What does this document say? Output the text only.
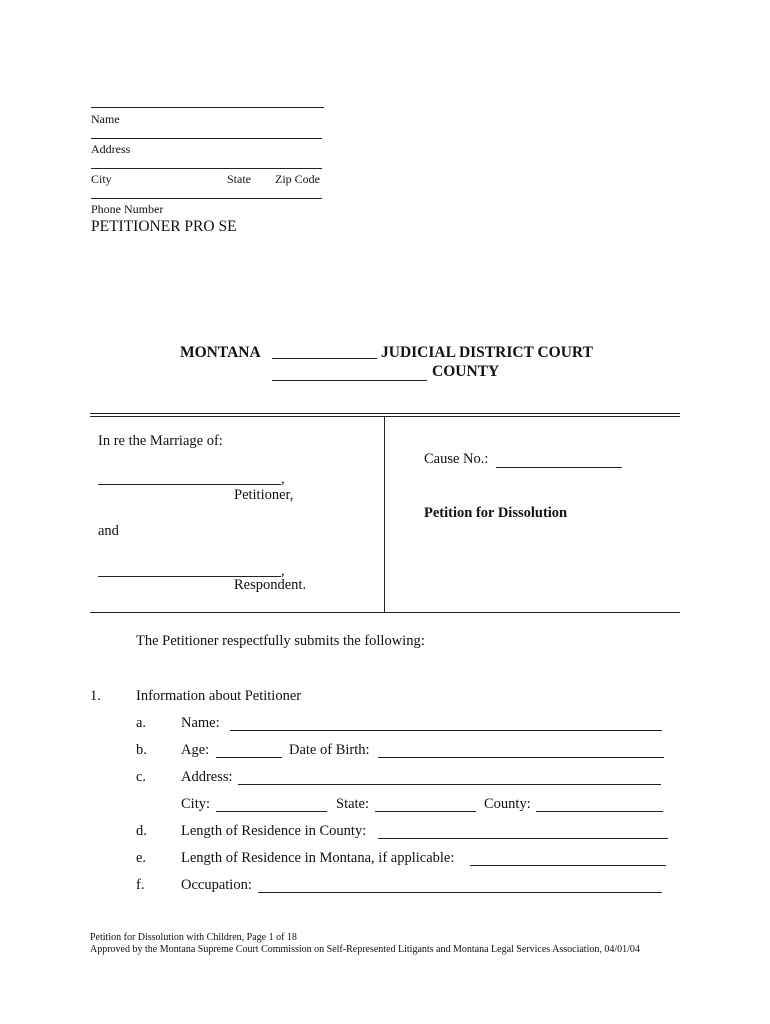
Name
Address
City	State Zip Code
Phone Number
PETITIONER PRO SE
MONTANA	JUDICIAL DISTRICT COURT
COUNTY
In re the Marriage of:
,
Petitioner,
and
,
Respondent.
Cause No.:
Petition for Dissolution
The Petitioner respectfully submits the following:
1. Information about Petitioner
a. Name:
b. Age:	Date of Birth:
c. Address:
City:	State:	County:
d. Length of Residence in County:
e. Length of Residence in Montana, if applicable:
f.	Occupation:
Petition for Dissolution with Children, Page 1 of 18
Approved by the Montana Supreme Court Commission on Self-Represented Litigants and Montana Legal Services Association, 04/01/04
